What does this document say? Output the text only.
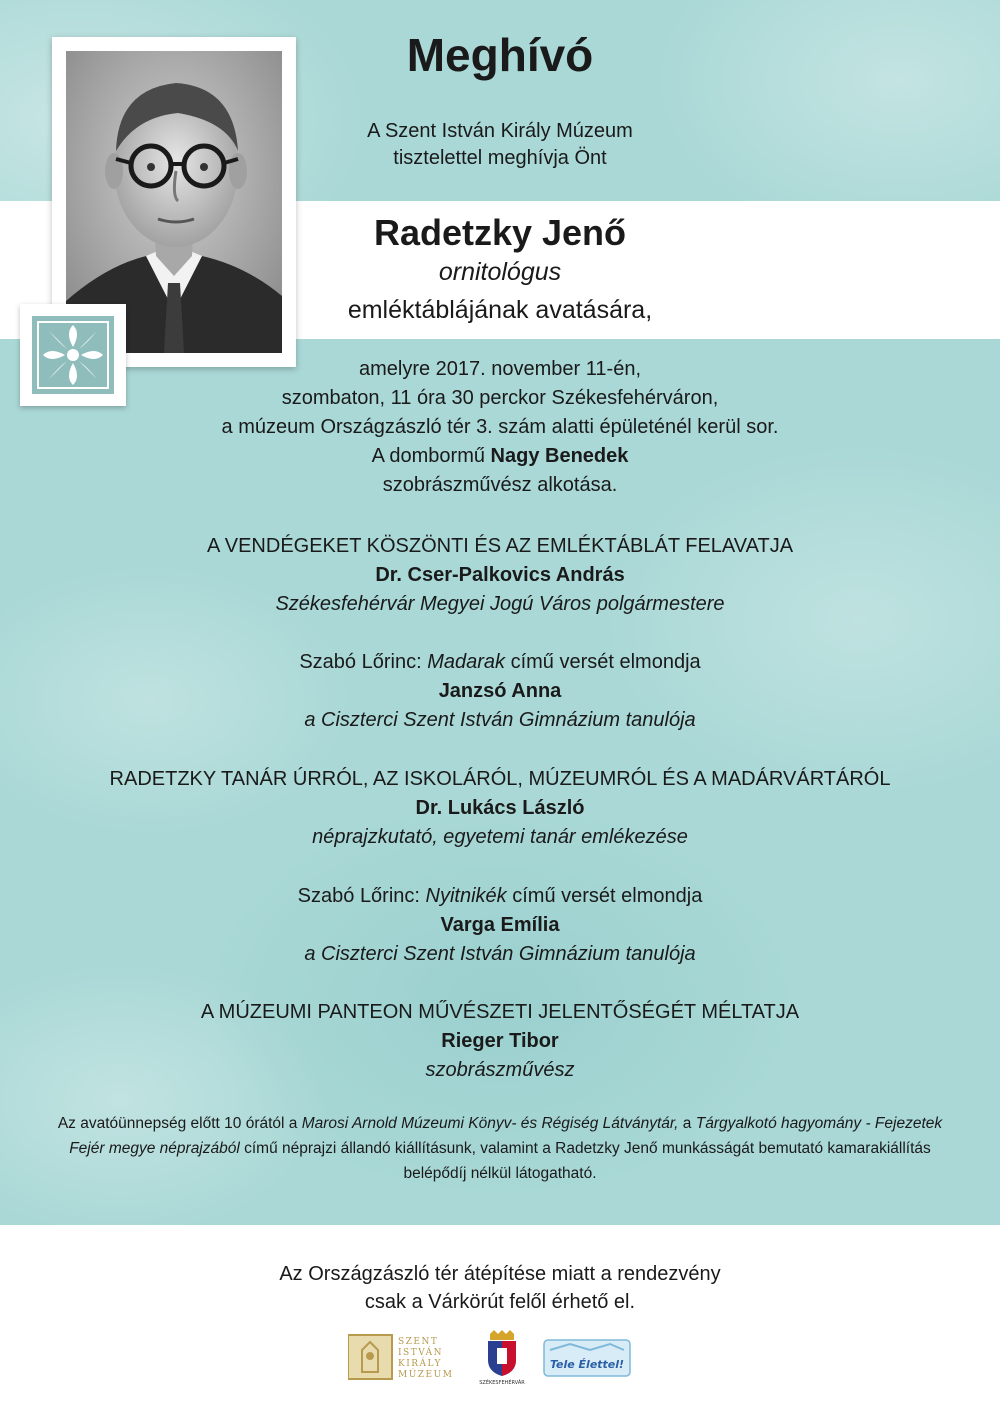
Meghívó
A Szent István Király Múzeum
tisztelettel meghívja Önt
Radetzky Jenő
ornitológus
emléktáblájának avatására,
amelyre 2017. november 11-én,
szombaton, 11 óra 30 perckor Székesfehérváron,
a múzeum Országzászló tér 3. szám alatti épületénél kerül sor.
A dombormű Nagy Benedek
szobrászművész alkotása.
A VENDÉGEKET KÖSZÖNTI ÉS AZ EMLÉKTÁBLÁT FELAVATJA
Dr. Cser-Palkovics András
Székesfehérvár Megyei Jogú Város polgármestere
Szabó Lőrinc: Madarak című versét elmondja
Janzsó Anna
a Ciszterci Szent István Gimnázium tanulója
RADETZKY TANÁR ÚRRÓL, AZ ISKOLÁRÓL, MÚZEUMRÓL ÉS A MADÁRVÁRTÁRÓL
Dr. Lukács László
néprajzkutató, egyetemi tanár emlékezése
Szabó Lőrinc: Nyitnikék című versét elmondja
Varga Emília
a Ciszterci Szent István Gimnázium tanulója
A MÚZEUMI PANTEON MŰVÉSZETI JELENTŐSÉGÉT MÉLTATJA
Rieger Tibor
szobrászművész
Az avatóünnepség előtt 10 órától a Marosi Arnold Múzeumi Könyv- és Régiség Látványtár, a Tárgyalkotó hagyomány - Fejezetek Fejér megye néprajzából című néprajzi állandó kiállításunk, valamint a Radetzky Jenő munkásságát bemutató kamarakiállítás belépődíj nélkül látogatható.
Az Országzászló tér átépítése miatt a rendezvény
csak a Várkörút felől érhető el.
SZENT
ISTVÁN
KIRÁLY
MÚZEUM
SZÉKESFEHÉRVÁR
Tele Élettel!
